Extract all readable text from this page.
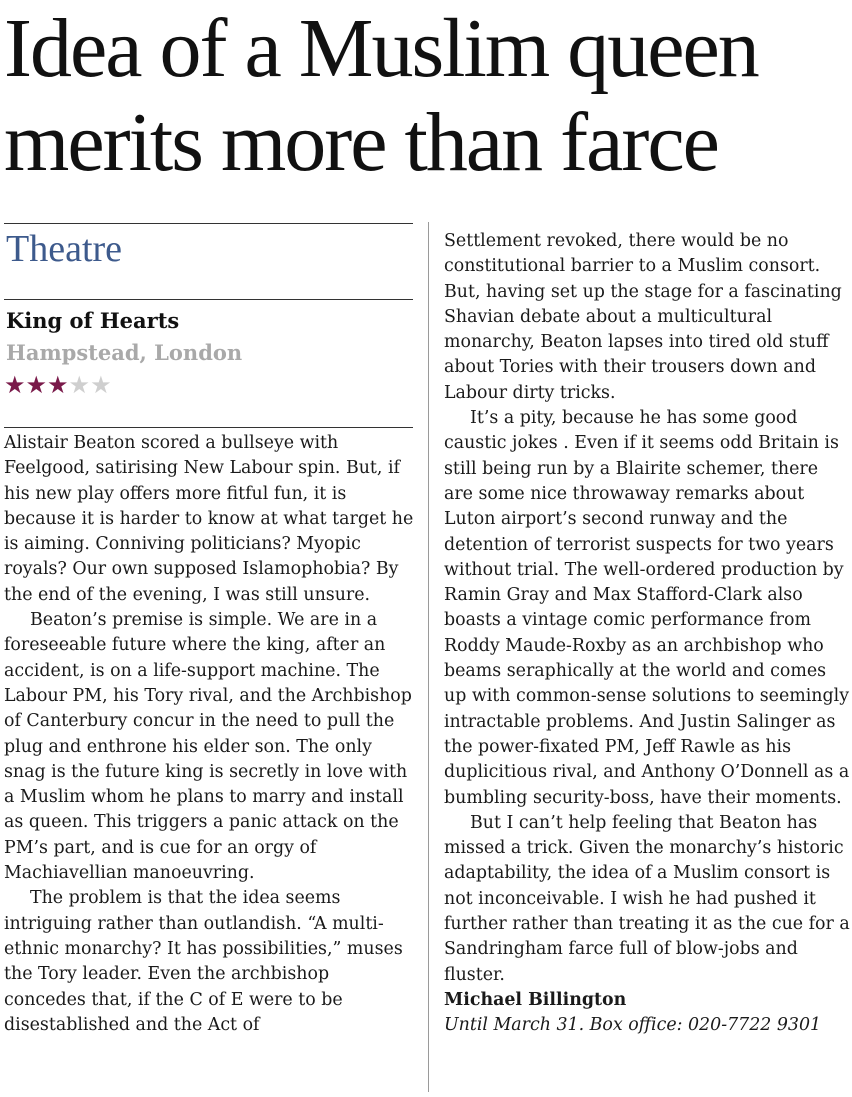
Idea of a Muslim queen
merits more than farce
Theatre
King of Hearts
Hampstead, London
★★★★★

Alistair Beaton scored a bullseye with Feelgood, satirising New Labour spin. But, if his new play offers more fitful fun, it is because it is harder to know at what target he is aiming. Conniving politicians? Myopic royals? Our own supposed Islamophobia? By the end of the evening, I was still unsure.

Beaton’s premise is simple. We are in a foreseeable future where the king, after an accident, is on a life-support machine. The Labour PM, his Tory rival, and the Archbishop of Canterbury concur in the need to pull the plug and enthrone his elder son. The only snag is the future king is secretly in love with a Muslim whom he plans to marry and install as queen. This triggers a panic attack on the PM’s part, and is cue for an orgy of Machiavellian manoeuvring.

The problem is that the idea seems intriguing rather than outlandish. “A multi-ethnic monarchy? It has possibilities,” muses the Tory leader. Even the archbishop concedes that, if the C of E were to be disestablished and the Act of

Settlement revoked, there would be no constitutional barrier to a Muslim consort. But, having set up the stage for a fascinating Shavian debate about a multicultural monarchy, Beaton lapses into tired old stuff about Tories with their trousers down and Labour dirty tricks.

It’s a pity, because he has some good caustic jokes . Even if it seems odd Britain is still being run by a Blairite schemer, there are some nice throwaway remarks about Luton airport’s second runway and the detention of terrorist suspects for two years without trial. The well-ordered production by Ramin Gray and Max Stafford-Clark also boasts a vintage comic performance from Roddy Maude-Roxby as an archbishop who beams seraphically at the world and comes up with common-sense solutions to seemingly intractable problems. And Justin Salinger as the power-fixated PM, Jeff Rawle as his duplicitious rival, and Anthony O’Donnell as a bumbling security-boss, have their moments.

But I can’t help feeling that Beaton has missed a trick. Given the monarchy’s historic adaptability, the idea of a Muslim consort is not inconceivable. I wish he had pushed it further rather than treating it as the cue for a Sandringham farce full of blow-jobs and fluster.

Michael Billington

Until March 31. Box office: 020-7722 9301
